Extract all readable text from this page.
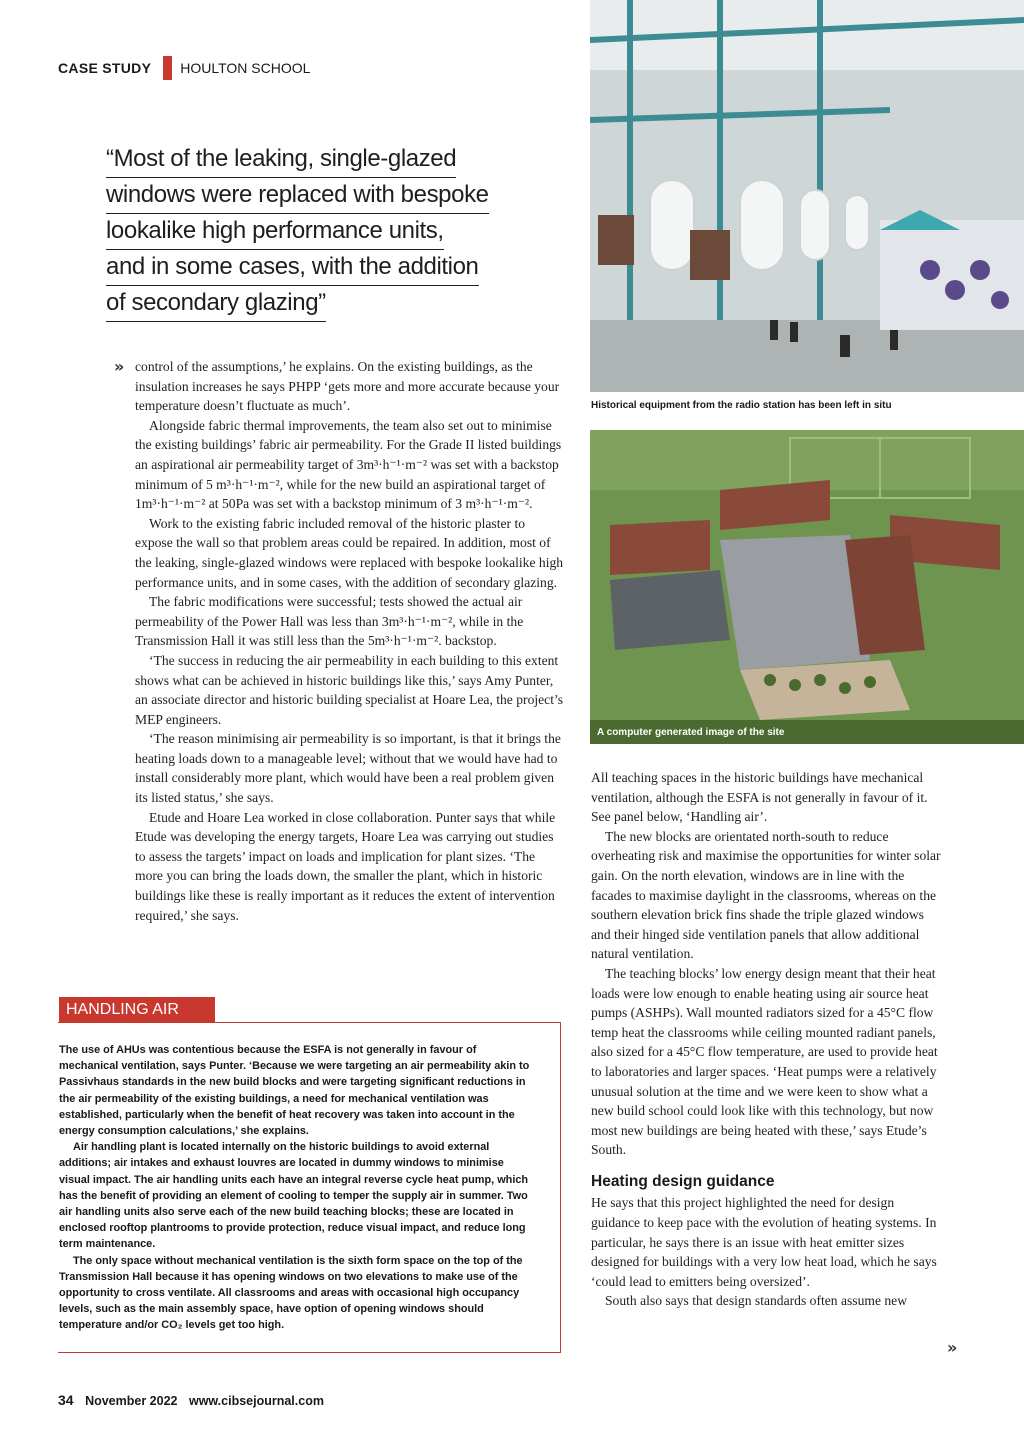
CASE STUDY HOULTON SCHOOL
“Most of the leaking, single-glazed
windows were replaced with bespoke
lookalike high performance units,
and in some cases, with the addition
of secondary glazing”
» control of the assumptions,’ he explains. On the existing buildings, as the insulation increases he says PHPP ‘gets more and more accurate because your temperature doesn’t fluctuate as much’.

Alongside fabric thermal improvements, the team also set out to minimise the existing buildings’ fabric air permeability. For the Grade II listed buildings an aspirational air permeability target of 3m³·h⁻¹·m⁻² was set with a backstop minimum of 5 m³·h⁻¹·m⁻², while for the new build an aspirational target of 1m³·h⁻¹·m⁻² at 50Pa was set with a backstop minimum of 3 m³·h⁻¹·m⁻².

Work to the existing fabric included removal of the historic plaster to expose the wall so that problem areas could be repaired. In addition, most of the leaking, single-glazed windows were replaced with bespoke lookalike high performance units, and in some cases, with the addition of secondary glazing.

The fabric modifications were successful; tests showed the actual air permeability of the Power Hall was less than 3m³·h⁻¹·m⁻², while in the Transmission Hall it was still less than the 5m³·h⁻¹·m⁻². backstop.

‘The success in reducing the air permeability in each building to this extent shows what can be achieved in historic buildings like this,’ says Amy Punter, an associate director and historic building specialist at Hoare Lea, the project’s MEP engineers.

‘The reason minimising air permeability is so important, is that it brings the heating loads down to a manageable level; without that we would have had to install considerably more plant, which would have been a real problem given its listed status,’ she says.

Etude and Hoare Lea worked in close collaboration. Punter says that while Etude was developing the energy targets, Hoare Lea was carrying out studies to assess the targets’ impact on loads and implication for plant sizes. ‘The more you can bring the loads down, the smaller the plant, which in historic buildings like these is really important as it reduces the extent of intervention required,’ she says.

Historical equipment from the radio station has been left in situ
A computer generated image of the site

All teaching spaces in the historic buildings have mechanical ventilation, although the ESFA is not generally in favour of it. See panel below, ‘Handling air’.

The new blocks are orientated north-south to reduce overheating risk and maximise the opportunities for winter solar gain. On the north elevation, windows are in line with the facades to maximise daylight in the classrooms, whereas on the southern elevation brick fins shade the triple glazed windows and their hinged side ventilation panels that allow additional natural ventilation.

The teaching blocks’ low energy design meant that their heat loads were low enough to enable heating using air source heat pumps (ASHPs). Wall mounted radiators sized for a 45°C flow temp heat the classrooms while ceiling mounted radiant panels, also sized for a 45°C flow temperature, are used to provide heat to laboratories and larger spaces. ‘Heat pumps were a relatively unusual solution at the time and we were keen to show what a new build school could look like with this technology, but now most new buildings are being heated with these,’ says Etude’s South.

Heating design guidance

He says that this project highlighted the need for design guidance to keep pace with the evolution of heating systems. In particular, he says there is an issue with heat emitter sizes designed for buildings with a very low heat load, which he says ‘could lead to emitters being oversized’.

South also says that design standards often assume new

»
HANDLING AIR

The use of AHUs was contentious because the ESFA is not generally in favour of mechanical ventilation, says Punter. ‘Because we were targeting an air permeability akin to Passivhaus standards in the new build blocks and were targeting significant reductions in the air permeability of the existing buildings, a need for mechanical ventilation was established, particularly when the benefit of heat recovery was taken into account in the energy consumption calculations,’ she explains.

Air handling plant is located internally on the historic buildings to avoid external additions; air intakes and exhaust louvres are located in dummy windows to minimise visual impact. The air handling units each have an integral reverse cycle heat pump, which has the benefit of providing an element of cooling to temper the supply air in summer. Two air handling units also serve each of the new build teaching blocks; these are located in enclosed rooftop plantrooms to provide protection, reduce visual impact, and reduce long term maintenance.

The only space without mechanical ventilation is the sixth form space on the top of the Transmission Hall because it has opening windows on two elevations to make use of the opportunity to cross ventilate. All classrooms and areas with occasional high occupancy levels, such as the main assembly space, have option of opening windows should temperature and/or CO₂ levels get too high.

34 November 2022 www.cibsejournal.com
